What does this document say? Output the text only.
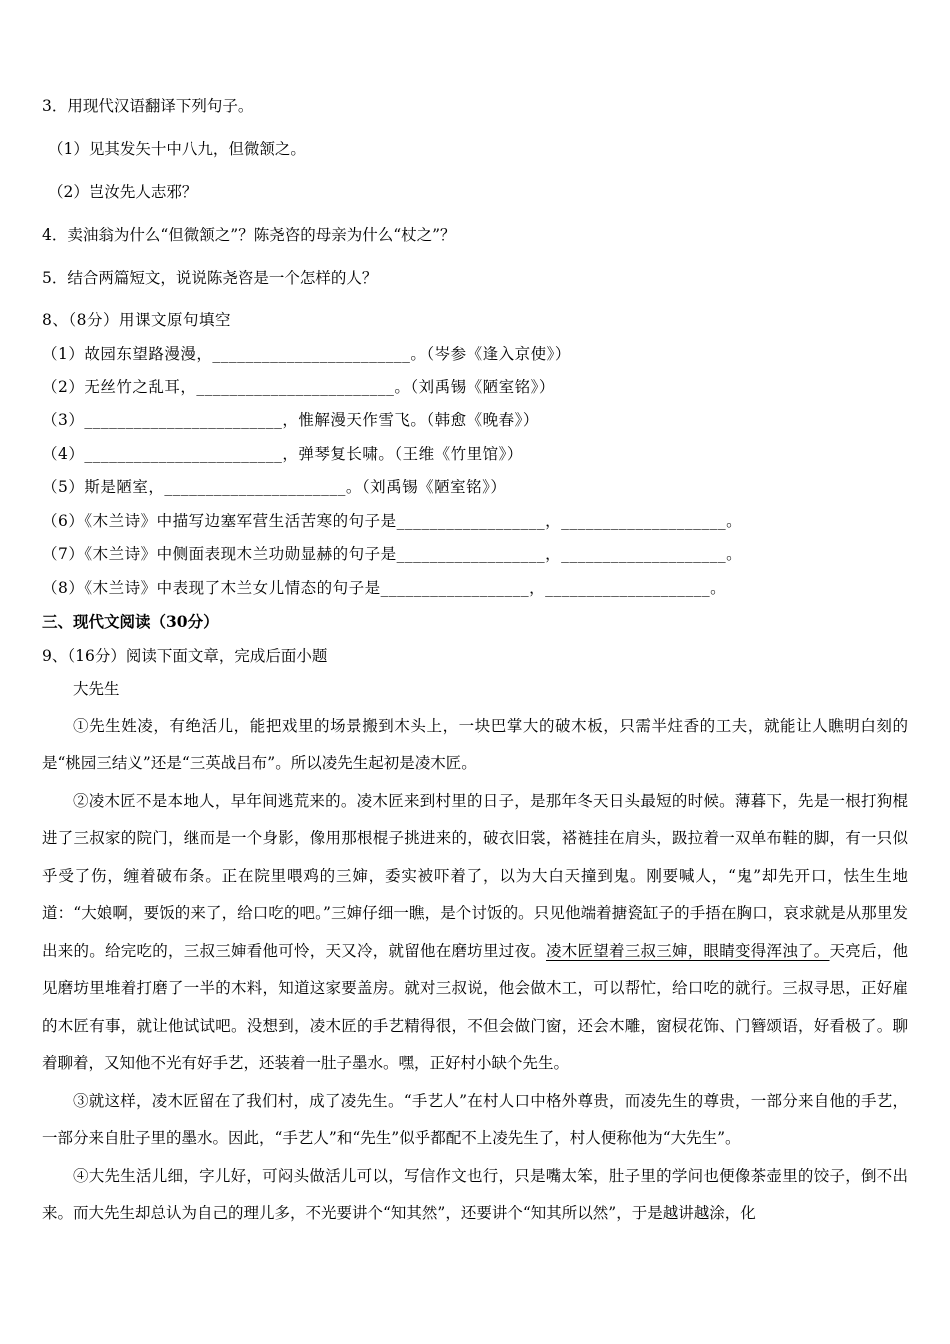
3．用现代汉语翻译下列句子。

（1）见其发矢十中八九，但微颔之。

（2）岂汝先人志邪？

4．卖油翁为什么“但微颔之”？陈尧咨的母亲为什么“杖之”？

5．结合两篇短文，说说陈尧咨是一个怎样的人？

8、（8分）用课文原句填空

（1）故园东望路漫漫，________________________。（岑参《逢入京使》）

（2）无丝竹之乱耳，________________________。（刘禹锡《陋室铭》）

（3）________________________，惟解漫天作雪飞。（韩愈《晚春》）

（4）________________________，弹琴复长啸。（王维《竹里馆》）

（5）斯是陋室，______________________。（刘禹锡《陋室铭》）

（6）《木兰诗》中描写边塞军营生活苦寒的句子是__________________，____________________。

（7）《木兰诗》中侧面表现木兰功勋显赫的句子是__________________，____________________。

（8）《木兰诗》中表现了木兰女儿情态的句子是__________________，____________________。

三、现代文阅读（30分）

9、（16分）阅读下面文章，完成后面小题

大先生

①先生姓凌，有绝活儿，能把戏里的场景搬到木头上，一块巴掌大的破木板，只需半炷香的工夫，就能让人瞧明白刻的是“桃园三结义”还是“三英战吕布”。所以凌先生起初是凌木匠。

②凌木匠不是本地人，早年间逃荒来的。凌木匠来到村里的日子，是那年冬天日头最短的时候。薄暮下，先是一根打狗棍进了三叔家的院门，继而是一个身影，像用那根棍子挑进来的，破衣旧裳，褡裢挂在肩头，趿拉着一双单布鞋的脚，有一只似乎受了伤，缠着破布条。正在院里喂鸡的三婶，委实被吓着了，以为大白天撞到鬼。刚要喊人，“鬼”却先开口，怯生生地道：“大娘啊，要饭的来了，给口吃的吧。”三婶仔细一瞧，是个讨饭的。只见他端着搪瓷缸子的手捂在胸口，哀求就是从那里发出来的。给完吃的，三叔三婶看他可怜，天又冷，就留他在磨坊里过夜。凌木匠望着三叔三婶，眼睛变得浑浊了。天亮后，他见磨坊里堆着打磨了一半的木料，知道这家要盖房。就对三叔说，他会做木工，可以帮忙，给口吃的就行。三叔寻思，正好雇的木匠有事，就让他试试吧。没想到，凌木匠的手艺精得很，不但会做门窗，还会木雕，窗棂花饰、门簪颂语，好看极了。聊着聊着，又知他不光有好手艺，还装着一肚子墨水。嘿，正好村小缺个先生。

③就这样，凌木匠留在了我们村，成了凌先生。“手艺人”在村人口中格外尊贵，而凌先生的尊贵，一部分来自他的手艺，一部分来自肚子里的墨水。因此，“手艺人”和“先生”似乎都配不上凌先生了，村人便称他为“大先生”。

④大先生活儿细，字儿好，可闷头做活儿可以，写信作文也行，只是嘴太笨，肚子里的学问也便像茶壶里的饺子，倒不出来。而大先生却总认为自己的理儿多，不光要讲个“知其然”，还要讲个“知其所以然”，于是越讲越涂，化
